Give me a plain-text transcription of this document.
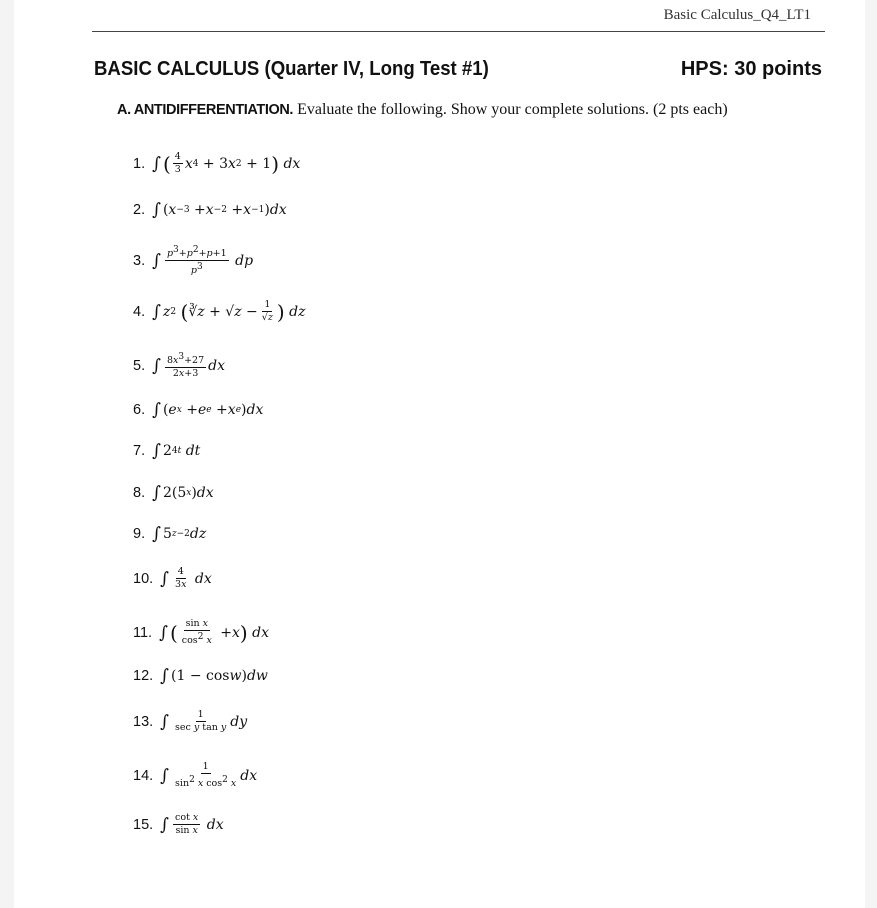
Basic Calculus_Q4_LT1
BASIC CALCULUS (Quarter IV, Long Test #1)	HPS: 30 points
A. ANTIDIFFERENTIATION. Evaluate the following. Show your complete solutions. (2 pts each)
1. ∫ ( 4
3 x 4 + 3 x 2 + 1 )
dx
2. ∫ ( x −3 + x −2 + x −1 ) dx
3. ∫ $p^3+p^2+p+1$
$p^3$
dp
4. ∫ z 2
( ∛ z + √ z − 1
√z )
dz
5. ∫ $8x^3+27$
2x+3
dx
6. ∫ ( e x + e e + x e ) dx
7. ∫ 2 4t
dt
8. ∫ 2(5 x ) dx
9. ∫ 5 z−2 dz
10. ∫ 4
3x
dx
11. ∫ ( sin x
$\cos^2 x$
+ x )
dx
12. ∫ (1 − cos w ) dw
13. ∫	1
sec y tan y dy
14. ∫	1
$\sin^2 x$ $\cos^2 x$
dx
15. ∫ cot x
sin x
dx
